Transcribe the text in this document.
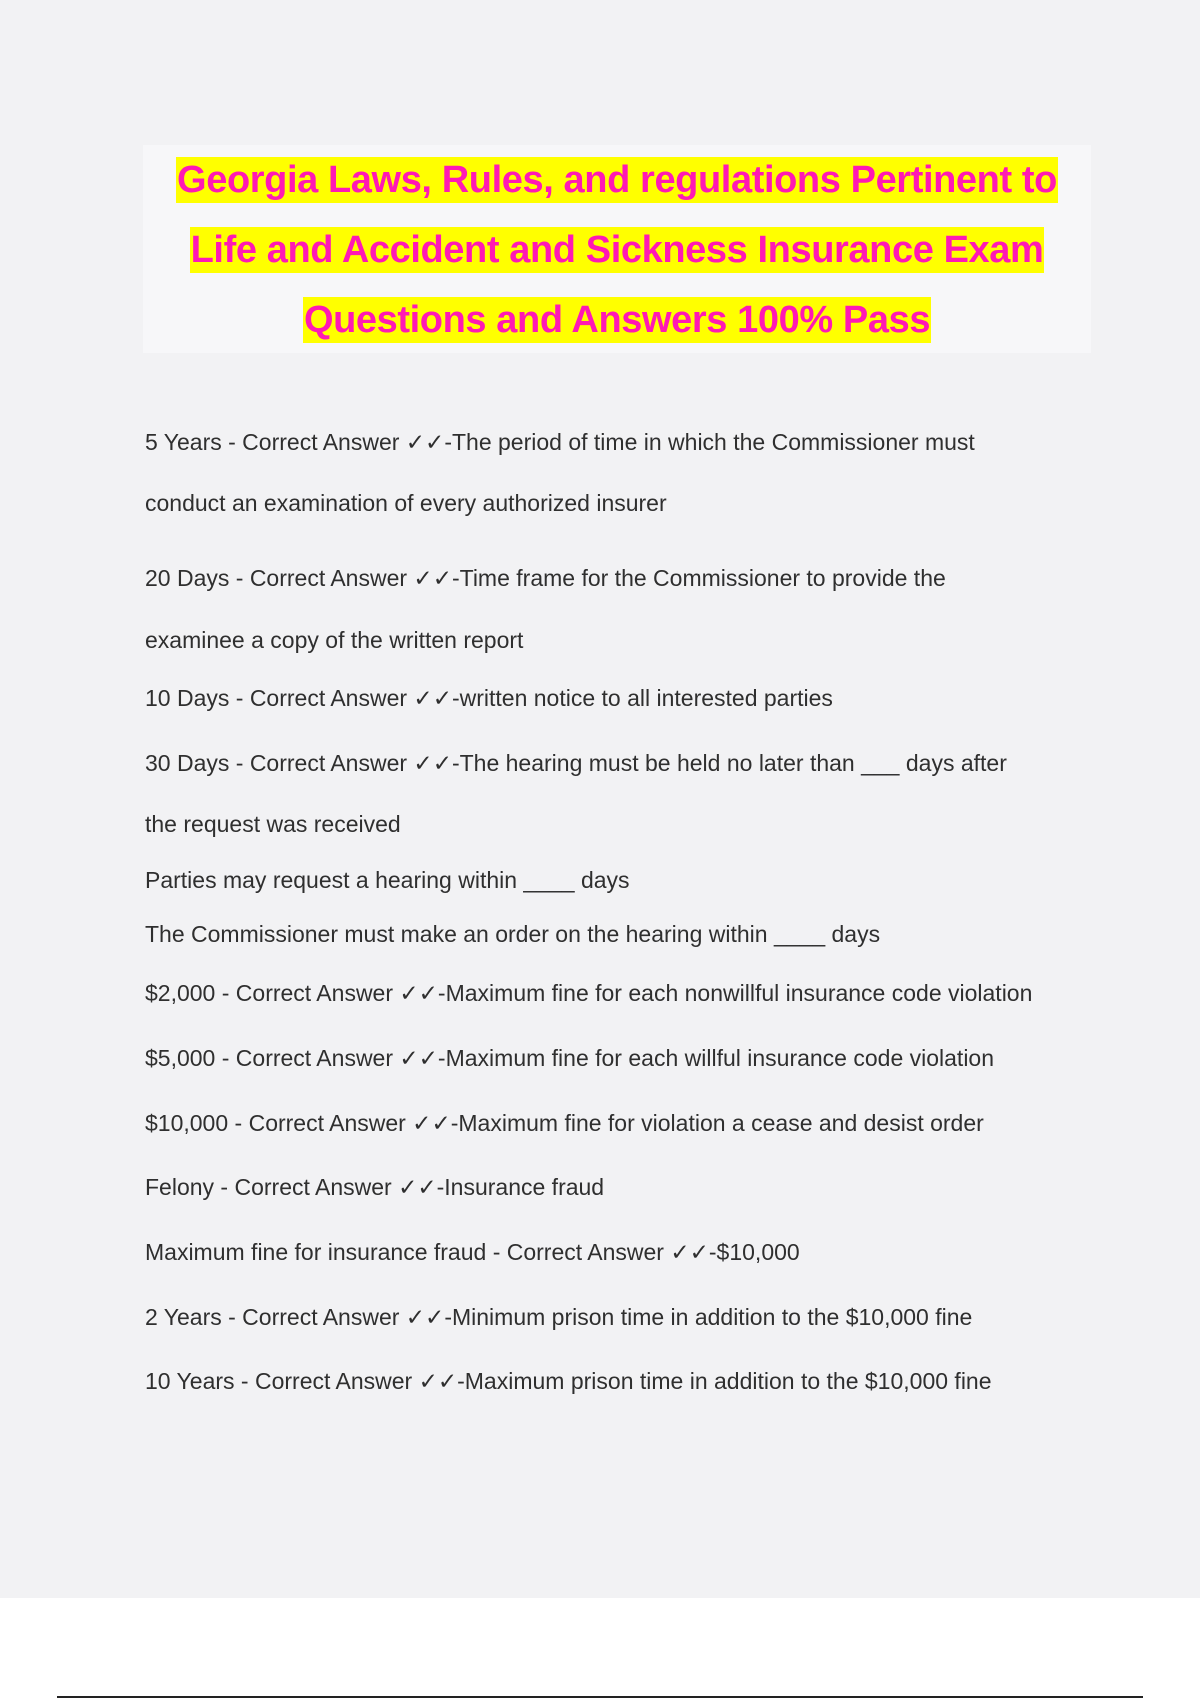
Georgia Laws, Rules, and regulations Pertinent to
Life and Accident and Sickness Insurance Exam
Questions and Answers 100% Pass
5 Years - Correct Answer ✓✓-The period of time in which the Commissioner must
conduct an examination of every authorized insurer
20 Days - Correct Answer ✓✓-Time frame for the Commissioner to provide the
examinee a copy of the written report
10 Days - Correct Answer ✓✓-written notice to all interested parties
30 Days - Correct Answer ✓✓-The hearing must be held no later than ___ days after
the request was received
Parties may request a hearing within ____ days
The Commissioner must make an order on the hearing within ____ days
$2,000 - Correct Answer ✓✓-Maximum fine for each nonwillful insurance code violation
$5,000 - Correct Answer ✓✓-Maximum fine for each willful insurance code violation
$10,000 - Correct Answer ✓✓-Maximum fine for violation a cease and desist order
Felony - Correct Answer ✓✓-Insurance fraud
Maximum fine for insurance fraud - Correct Answer ✓✓-$10,000
2 Years - Correct Answer ✓✓-Minimum prison time in addition to the $10,000 fine
10 Years - Correct Answer ✓✓-Maximum prison time in addition to the $10,000 fine
